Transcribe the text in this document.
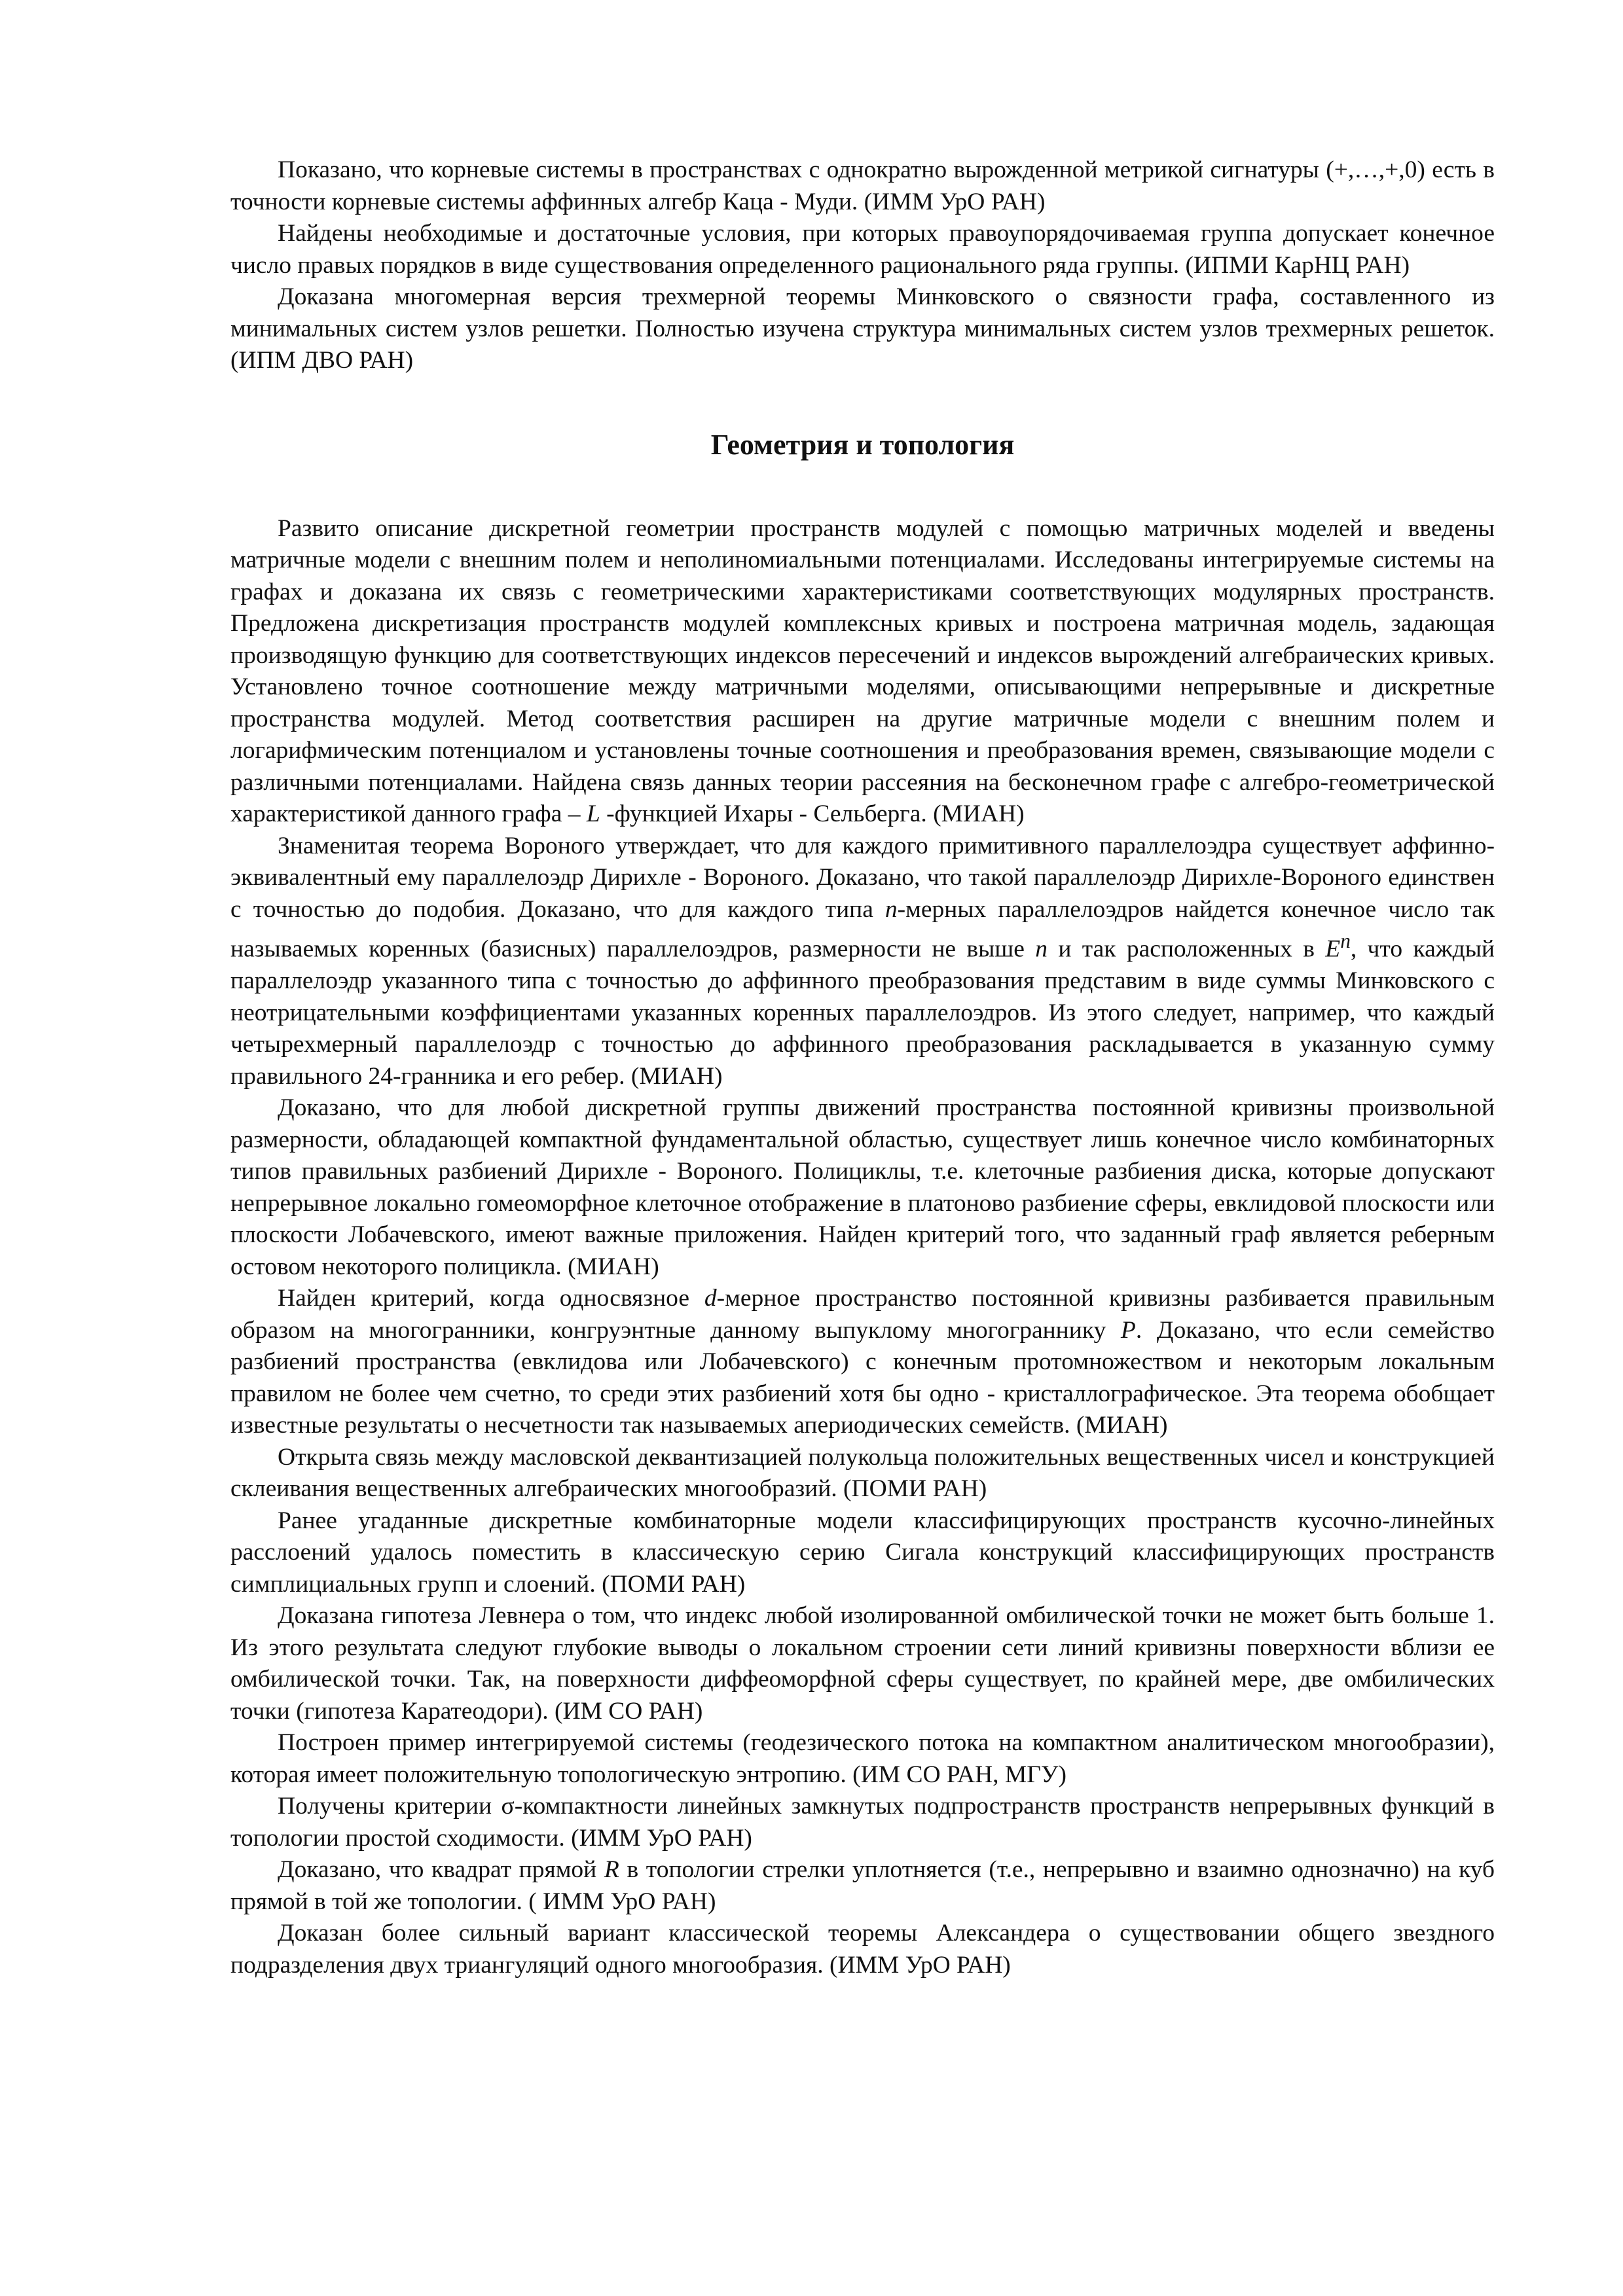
Показано, что корневые системы в пространствах с однократно вырожденной метрикой сигнатуры (+,…,+,0) есть в точности корневые системы аффинных алгебр Каца - Муди. (ИММ УрО РАН)

Найдены необходимые и достаточные условия, при которых правоупорядочиваемая группа допускает конечное число правых порядков в виде существования определенного рационального ряда группы. (ИПМИ КарНЦ РАН)

Доказана многомерная версия трехмерной теоремы Минковского о связности графа, составленного из минимальных систем узлов решетки. Полностью изучена структура минимальных систем узлов трехмерных решеток. (ИПМ ДВО РАН)

Геометрия и топология

Развито описание дискретной геометрии пространств модулей с помощью матричных моделей и введены матричные модели с внешним полем и неполиномиальными потенциалами. Исследованы интегрируемые системы на графах и доказана их связь с геометрическими характеристиками соответствующих модулярных пространств. Предложена дискретизация пространств модулей комплексных кривых и построена матричная модель, задающая производящую функцию для соответствующих индексов пересечений и индексов вырождений алгебраических кривых. Установлено точное соотношение между матричными моделями, описывающими непрерывные и дискретные пространства модулей. Метод соответствия расширен на другие матричные модели с внешним полем и логарифмическим потенциалом и установлены точные соотношения и преобразования времен, связывающие модели с различными потенциалами. Найдена связь данных теории рассеяния на бесконечном графе с алгебро-геометрической характеристикой данного графа – L -функцией Ихары - Сельберга. (МИАН)

Знаменитая теорема Вороного утверждает, что для каждого примитивного параллелоэдра существует аффинно-эквивалентный ему параллелоэдр Дирихле - Вороного. Доказано, что такой параллелоэдр Дирихле-Вороного единствен с точностью до подобия. Доказано, что для каждого типа n-мерных параллелоэдров найдется конечное число так называемых коренных (базисных) параллелоэдров, размерности не выше n и так расположенных в $E^n$, что каждый параллелоэдр указанного типа с точностью до аффинного преобразования представим в виде суммы Минковского с неотрицательными коэффициентами указанных коренных параллелоэдров. Из этого следует, например, что каждый четырехмерный параллелоэдр с точностью до аффинного преобразования раскладывается в указанную сумму правильного 24-гранника и его ребер. (МИАН)

Доказано, что для любой дискретной группы движений пространства постоянной кривизны произвольной размерности, обладающей компактной фундаментальной областью, существует лишь конечное число комбинаторных типов правильных разбиений Дирихле - Вороного. Полициклы, т.е. клеточные разбиения диска, которые допускают непрерывное локально гомеоморфное клеточное отображение в платоново разбиение сферы, евклидовой плоскости или плоскости Лобачевского, имеют важные приложения. Найден критерий того, что заданный граф является реберным остовом некоторого полицикла. (МИАН)

Найден критерий, когда односвязное d-мерное пространство постоянной кривизны разбивается правильным образом на многогранники, конгруэнтные данному выпуклому многограннику P. Доказано, что если семейство разбиений пространства (евклидова или Лобачевского) с конечным протомножеством и некоторым локальным правилом не более чем счетно, то среди этих разбиений хотя бы одно - кристаллографическое. Эта теорема обобщает известные результаты о несчетности так называемых апериодических семейств. (МИАН)

Открыта связь между масловской деквантизацией полукольца положительных вещественных чисел и конструкцией склеивания вещественных алгебраических многообразий. (ПОМИ РАН)

Ранее угаданные дискретные комбинаторные модели классифицирующих пространств кусочно-линейных расслоений удалось поместить в классическую серию Сигала конструкций классифицирующих пространств симплициальных групп и слоений. (ПОМИ РАН)

Доказана гипотеза Левнера о том, что индекс любой изолированной омбилической точки не может быть больше 1. Из этого результата следуют глубокие выводы о локальном строении сети линий кривизны поверхности вблизи ее омбилической точки. Так, на поверхности диффеоморфной сферы существует, по крайней мере, две омбилических точки (гипотеза Каратеодори). (ИМ СО РАН)

Построен пример интегрируемой системы (геодезического потока на компактном аналитическом многообразии), которая имеет положительную топологическую энтропию. (ИМ СО РАН, МГУ)

Получены критерии σ-компактности линейных замкнутых подпространств пространств непрерывных функций в топологии простой сходимости. (ИММ УрО РАН)

Доказано, что квадрат прямой R в топологии стрелки уплотняется (т.е., непрерывно и взаимно однозначно) на куб прямой в той же топологии. ( ИММ УрО РАН)

Доказан более сильный вариант классической теоремы Александера о существовании общего звездного подразделения двух триангуляций одного многообразия. (ИММ УрО РАН)
